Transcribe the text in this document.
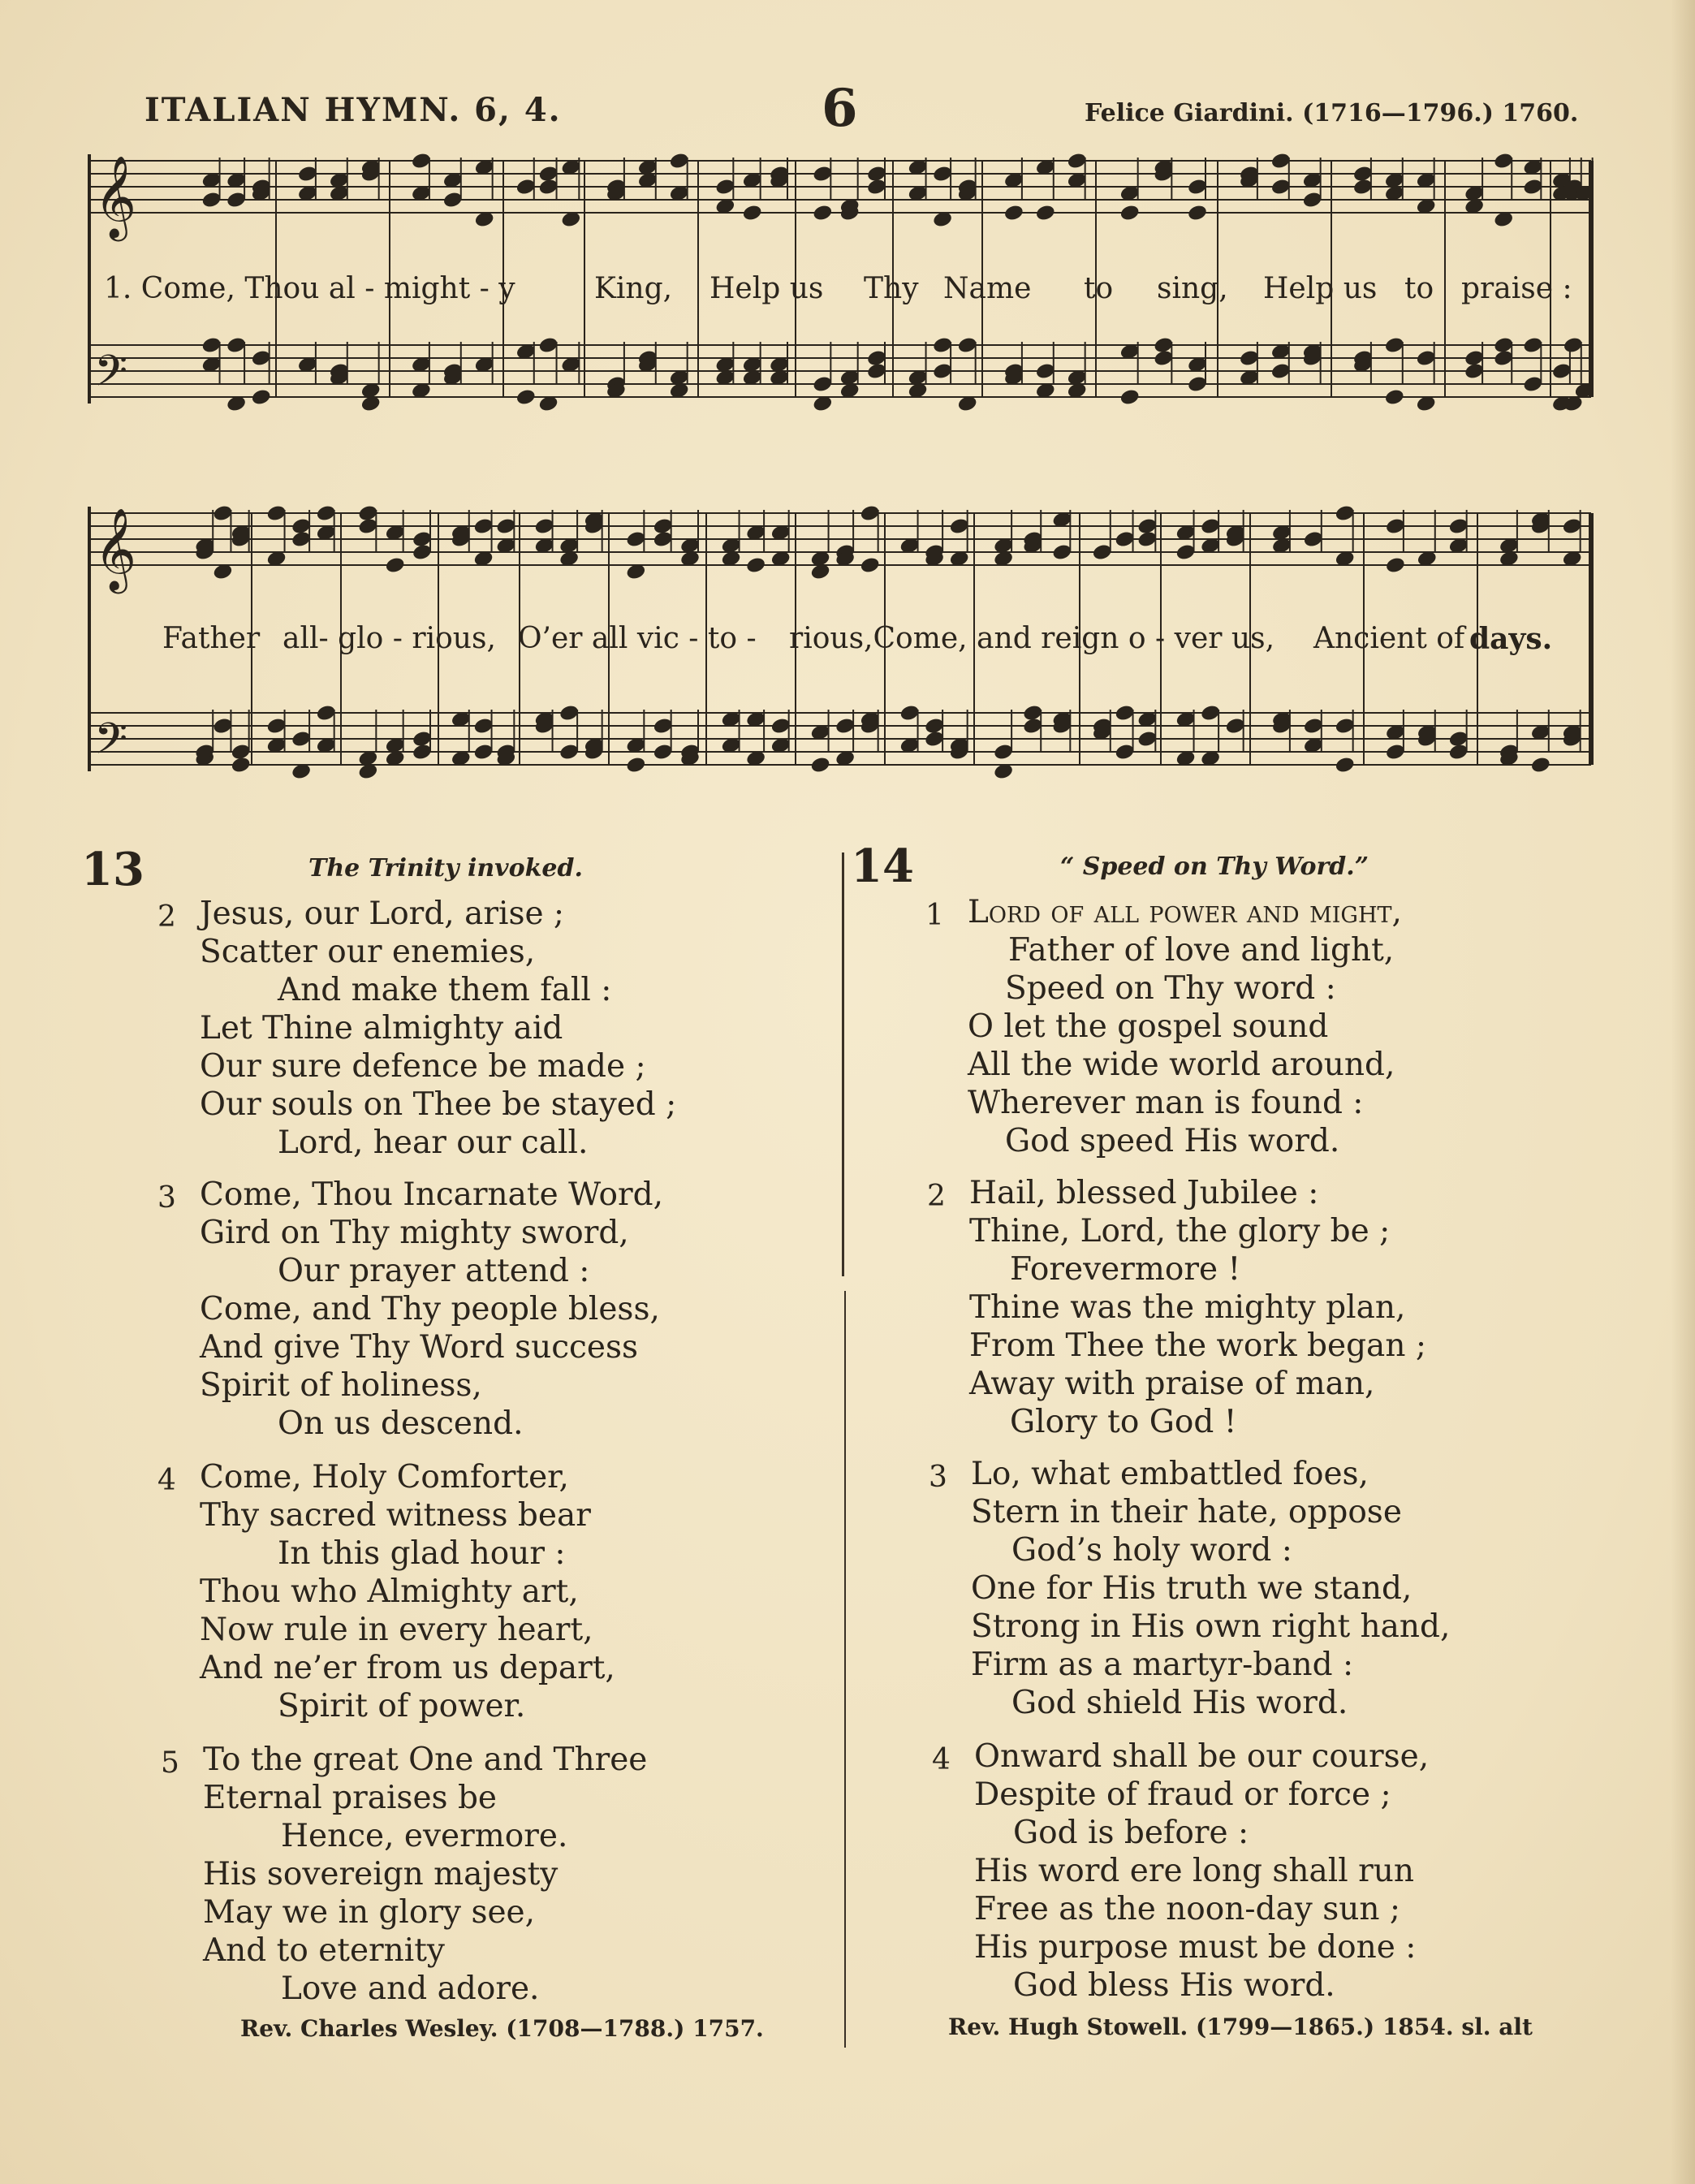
ITALIAN HYMN. 6, 4.	6	Felice Giardini. (1716—1796.) 1760.
𝄞
𝄢
1. Come, Thou al - might - y	King, Help us Thy Name to sing, Help us to praise :
𝄞
𝄢
Father all- glo - rious, O’er all vic - to - rious,Come, and reign o - ver us, Ancient of days.
13	The Trinity invoked.
2 Jesus, our Lord, arise ;
Scatter our enemies,
And make them fall :
Let Thine almighty aid
Our sure defence be made ;
Our souls on Thee be stayed ;
Lord, hear our call.
3 Come, Thou Incarnate Word,
Gird on Thy mighty sword,
Our prayer attend :
Come, and Thy people bless,
And give Thy Word success
Spirit of holiness,
On us descend.
4 Come, Holy Comforter,
Thy sacred witness bear
In this glad hour :
Thou who Almighty art,
Now rule in every heart,
And ne’er from us depart,
Spirit of power.
5 To the great One and Three
Eternal praises be
Hence, evermore.
His sovereign majesty
May we in glory see,
And to eternity
Love and adore.
Rev. Charles Wesley. (1708—1788.) 1757.
14	“ Speed on Thy Word.”
1 Lord of all power and might,
Father of love and light,
Speed on Thy word :
O let the gospel sound
All the wide world around,
Wherever man is found :
God speed His word.
2 Hail, blessed Jubilee :
Thine, Lord, the glory be ;
Forevermore !
Thine was the mighty plan,
From Thee the work began ;
Away with praise of man,
Glory to God !
3 Lo, what embattled foes,
Stern in their hate, oppose
God’s holy word :
One for His truth we stand,
Strong in His own right hand,
Firm as a martyr-band :
God shield His word.
4 Onward shall be our course,
Despite of fraud or force ;
God is before :
His word ere long shall run
Free as the noon-day sun ;
His purpose must be done :
God bless His word.
Rev. Hugh Stowell. (1799—1865.) 1854. sl. alt
